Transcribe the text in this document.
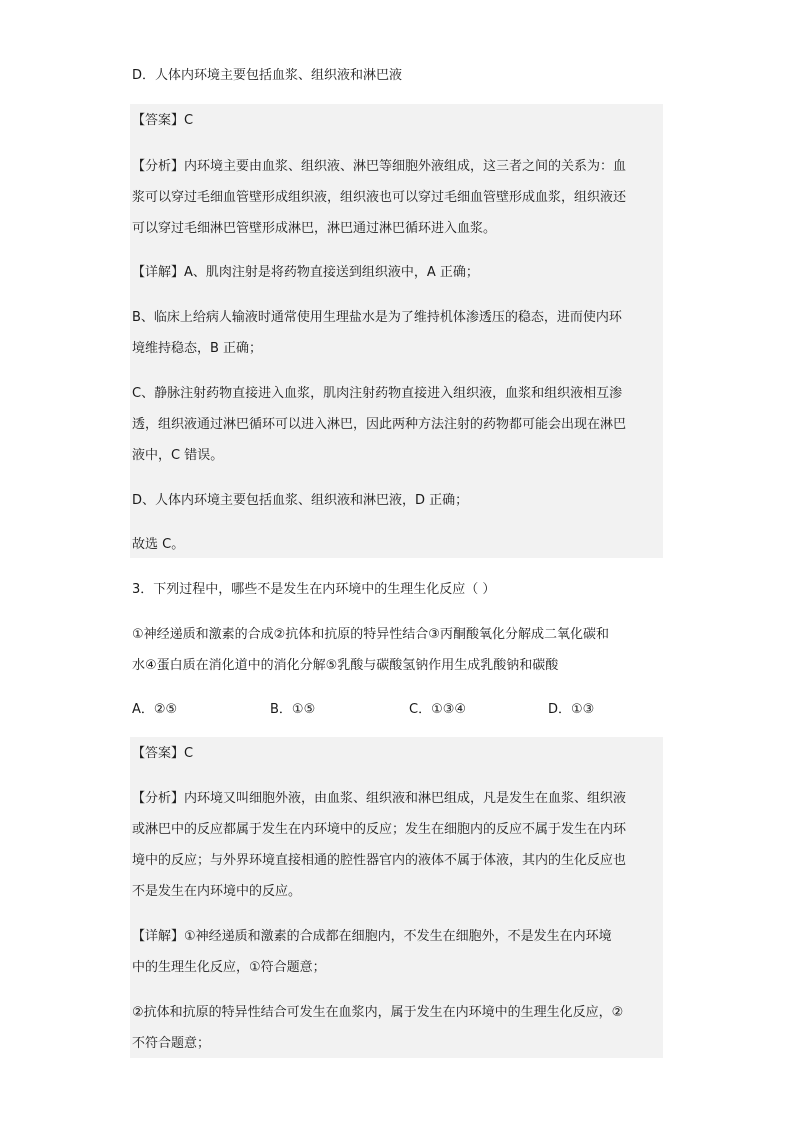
D．人体内环境主要包括血浆、组织液和淋巴液
【答案】C
【分析】内环境主要由血浆、组织液、淋巴等细胞外液组成，这三者之间的关系为：血
浆可以穿过毛细血管壁形成组织液，组织液也可以穿过毛细血管壁形成血浆，组织液还
可以穿过毛细淋巴管壁形成淋巴，淋巴通过淋巴循环进入血浆。
【详解】A、肌肉注射是将药物直接送到组织液中，A 正确；
B、临床上给病人输液时通常使用生理盐水是为了维持机体渗透压的稳态，进而使内环
境维持稳态，B 正确；
C、静脉注射药物直接进入血浆，肌肉注射药物直接进入组织液，血浆和组织液相互渗
透，组织液通过淋巴循环可以进入淋巴，因此两种方法注射的药物都可能会出现在淋巴
液中，C 错误。
D、人体内环境主要包括血浆、组织液和淋巴液，D 正确；
故选 C。
3．下列过程中，哪些不是发生在内环境中的生理生化反应（ ）
①神经递质和激素的合成②抗体和抗原的特异性结合③丙酮酸氧化分解成二氧化碳和
水④蛋白质在消化道中的消化分解⑤乳酸与碳酸氢钠作用生成乳酸钠和碳酸
A．②⑤	B．①⑤	C．①③④	D．①③
【答案】C
【分析】内环境又叫细胞外液，由血浆、组织液和淋巴组成，凡是发生在血浆、组织液
或淋巴中的反应都属于发生在内环境中的反应；发生在细胞内的反应不属于发生在内环
境中的反应；与外界环境直接相通的腔性器官内的液体不属于体液，其内的生化反应也
不是发生在内环境中的反应。
【详解】①神经递质和激素的合成都在细胞内，不发生在细胞外，不是发生在内环境
中的生理生化反应，①符合题意；
②抗体和抗原的特异性结合可发生在血浆内，属于发生在内环境中的生理生化反应，②
不符合题意；
